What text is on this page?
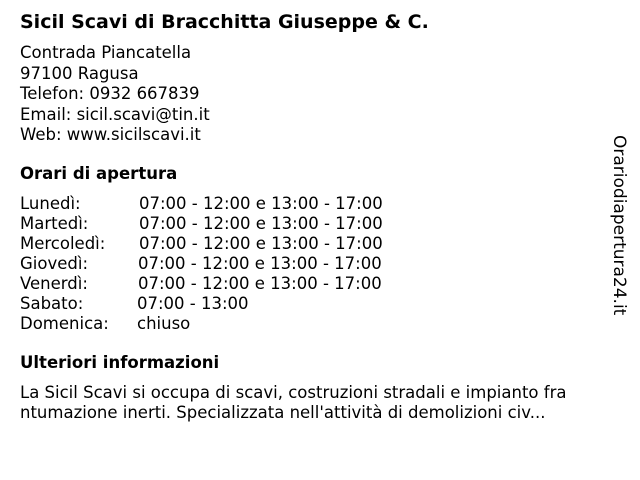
Sicil Scavi di Bracchitta Giuseppe & C.
Contrada Piancatella
97100 Ragusa
Telefon: 0932 667839
Email: sicil.scavi@tin.it
Web: www.sicilscavi.it
Orari di apertura
Lunedì:	07:00 - 12:00 e 13:00 - 17:00
Martedì:	07:00 - 12:00 e 13:00 - 17:00
Mercoledì: 07:00 - 12:00 e 13:00 - 17:00
Giovedì:	07:00 - 12:00 e 13:00 - 17:00
Venerdì:	07:00 - 12:00 e 13:00 - 17:00
Sabato:	07:00 - 13:00
Domenica: chiuso
Ulteriori informazioni
La Sicil Scavi si occupa di scavi, costruzioni stradali e impianto fra
ntumazione inerti. Specializzata nell'attività di demolizioni civ...
Orariodiapertura24.it
